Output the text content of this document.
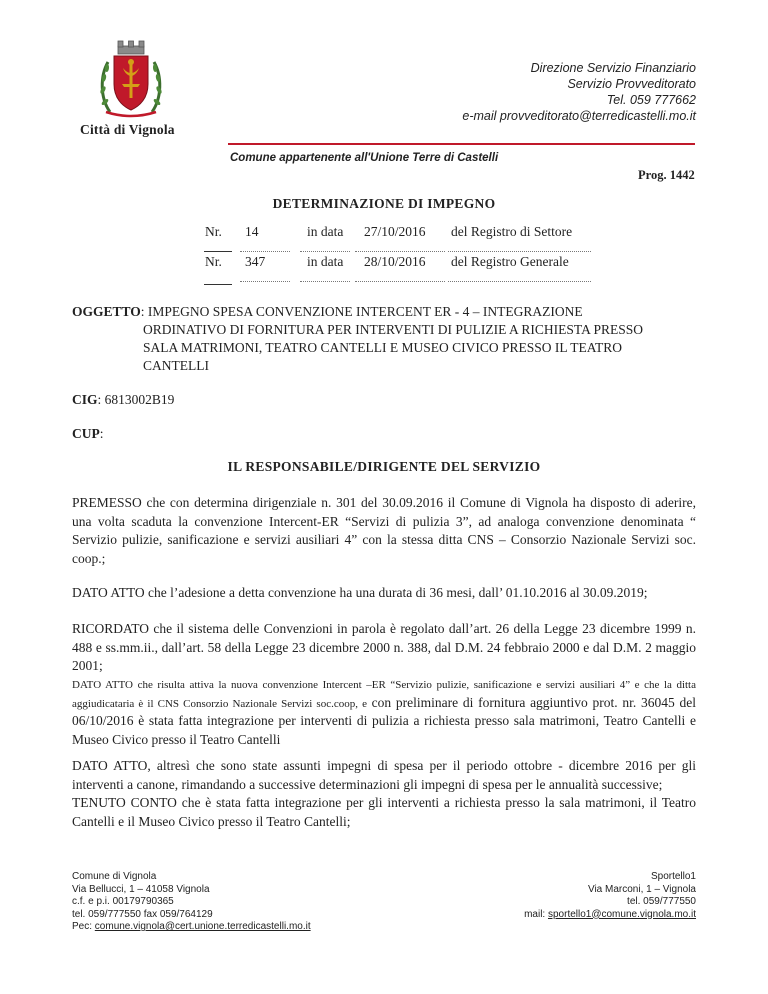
Città di Vignola
Direzione Servizio Finanziario
Servizio Provveditorato
Tel. 059 777662
e-mail provveditorato@terredicastelli.mo.it
Comune appartenente all'Unione Terre di Castelli
Prog. 1442
DETERMINAZIONE DI IMPEGNO
Nr. 14	in data 27/10/2016 del Registro di Settore
Nr. 347	in data 28/10/2016 del Registro Generale
OGGETTO: IMPEGNO SPESA CONVENZIONE INTERCENT ER - 4 – INTEGRAZIONE
ORDINATIVO DI FORNITURA PER INTERVENTI DI PULIZIE A RICHIESTA PRESSO
SALA MATRIMONI, TEATRO CANTELLI E MUSEO CIVICO PRESSO IL TEATRO
CANTELLI
CIG: 6813002B19
CUP:
IL RESPONSABILE/DIRIGENTE DEL SERVIZIO
PREMESSO che con determina dirigenziale n. 301 del 30.09.2016 il Comune di Vignola ha disposto di aderire, una volta scaduta la convenzione Intercent-ER “Servizi di pulizia 3”, ad analoga convenzione denominata “ Servizio pulizie, sanificazione e servizi ausiliari 4” con la stessa ditta CNS – Consorzio Nazionale Servizi soc. coop.;
DATO ATTO che l’adesione a detta convenzione ha una durata di 36 mesi, dall’ 01.10.2016 al 30.09.2019;
RICORDATO che il sistema delle Convenzioni in parola è regolato dall’art. 26 della Legge 23 dicembre 1999 n. 488 e ss.mm.ii., dall’art. 58 della Legge 23 dicembre 2000 n. 388, dal D.M. 24 febbraio 2000 e dal D.M. 2 maggio 2001;
DATO ATTO che risulta attiva la nuova convenzione Intercent –ER “Servizio pulizie, sanificazione e servizi ausiliari 4” e che la ditta aggiudicataria è il CNS Consorzio Nazionale Servizi soc.coop, e con preliminare di fornitura aggiuntivo prot. nr. 36045 del 06/10/2016 è stata fatta integrazione per interventi di pulizia a richiesta presso sala matrimoni, Teatro Cantelli e Museo Civico presso il Teatro Cantelli
DATO ATTO, altresì che sono state assunti impegni di spesa per il periodo ottobre - dicembre 2016 per gli interventi a canone, rimandando a successive determinazioni gli impegni di spesa per le annualità successive;
TENUTO CONTO che è stata fatta integrazione per gli interventi a richiesta presso la sala matrimoni, il Teatro Cantelli e il Museo Civico presso il Teatro Cantelli;
Comune di Vignola
Via Bellucci, 1 – 41058 Vignola
c.f. e p.i. 00179790365
tel. 059/777550 fax 059/764129
Pec: comune.vignola@cert.unione.terredicastelli.mo.it
Sportello1
Via Marconi, 1 – Vignola
tel. 059/777550
mail: sportello1@comune.vignola.mo.it
